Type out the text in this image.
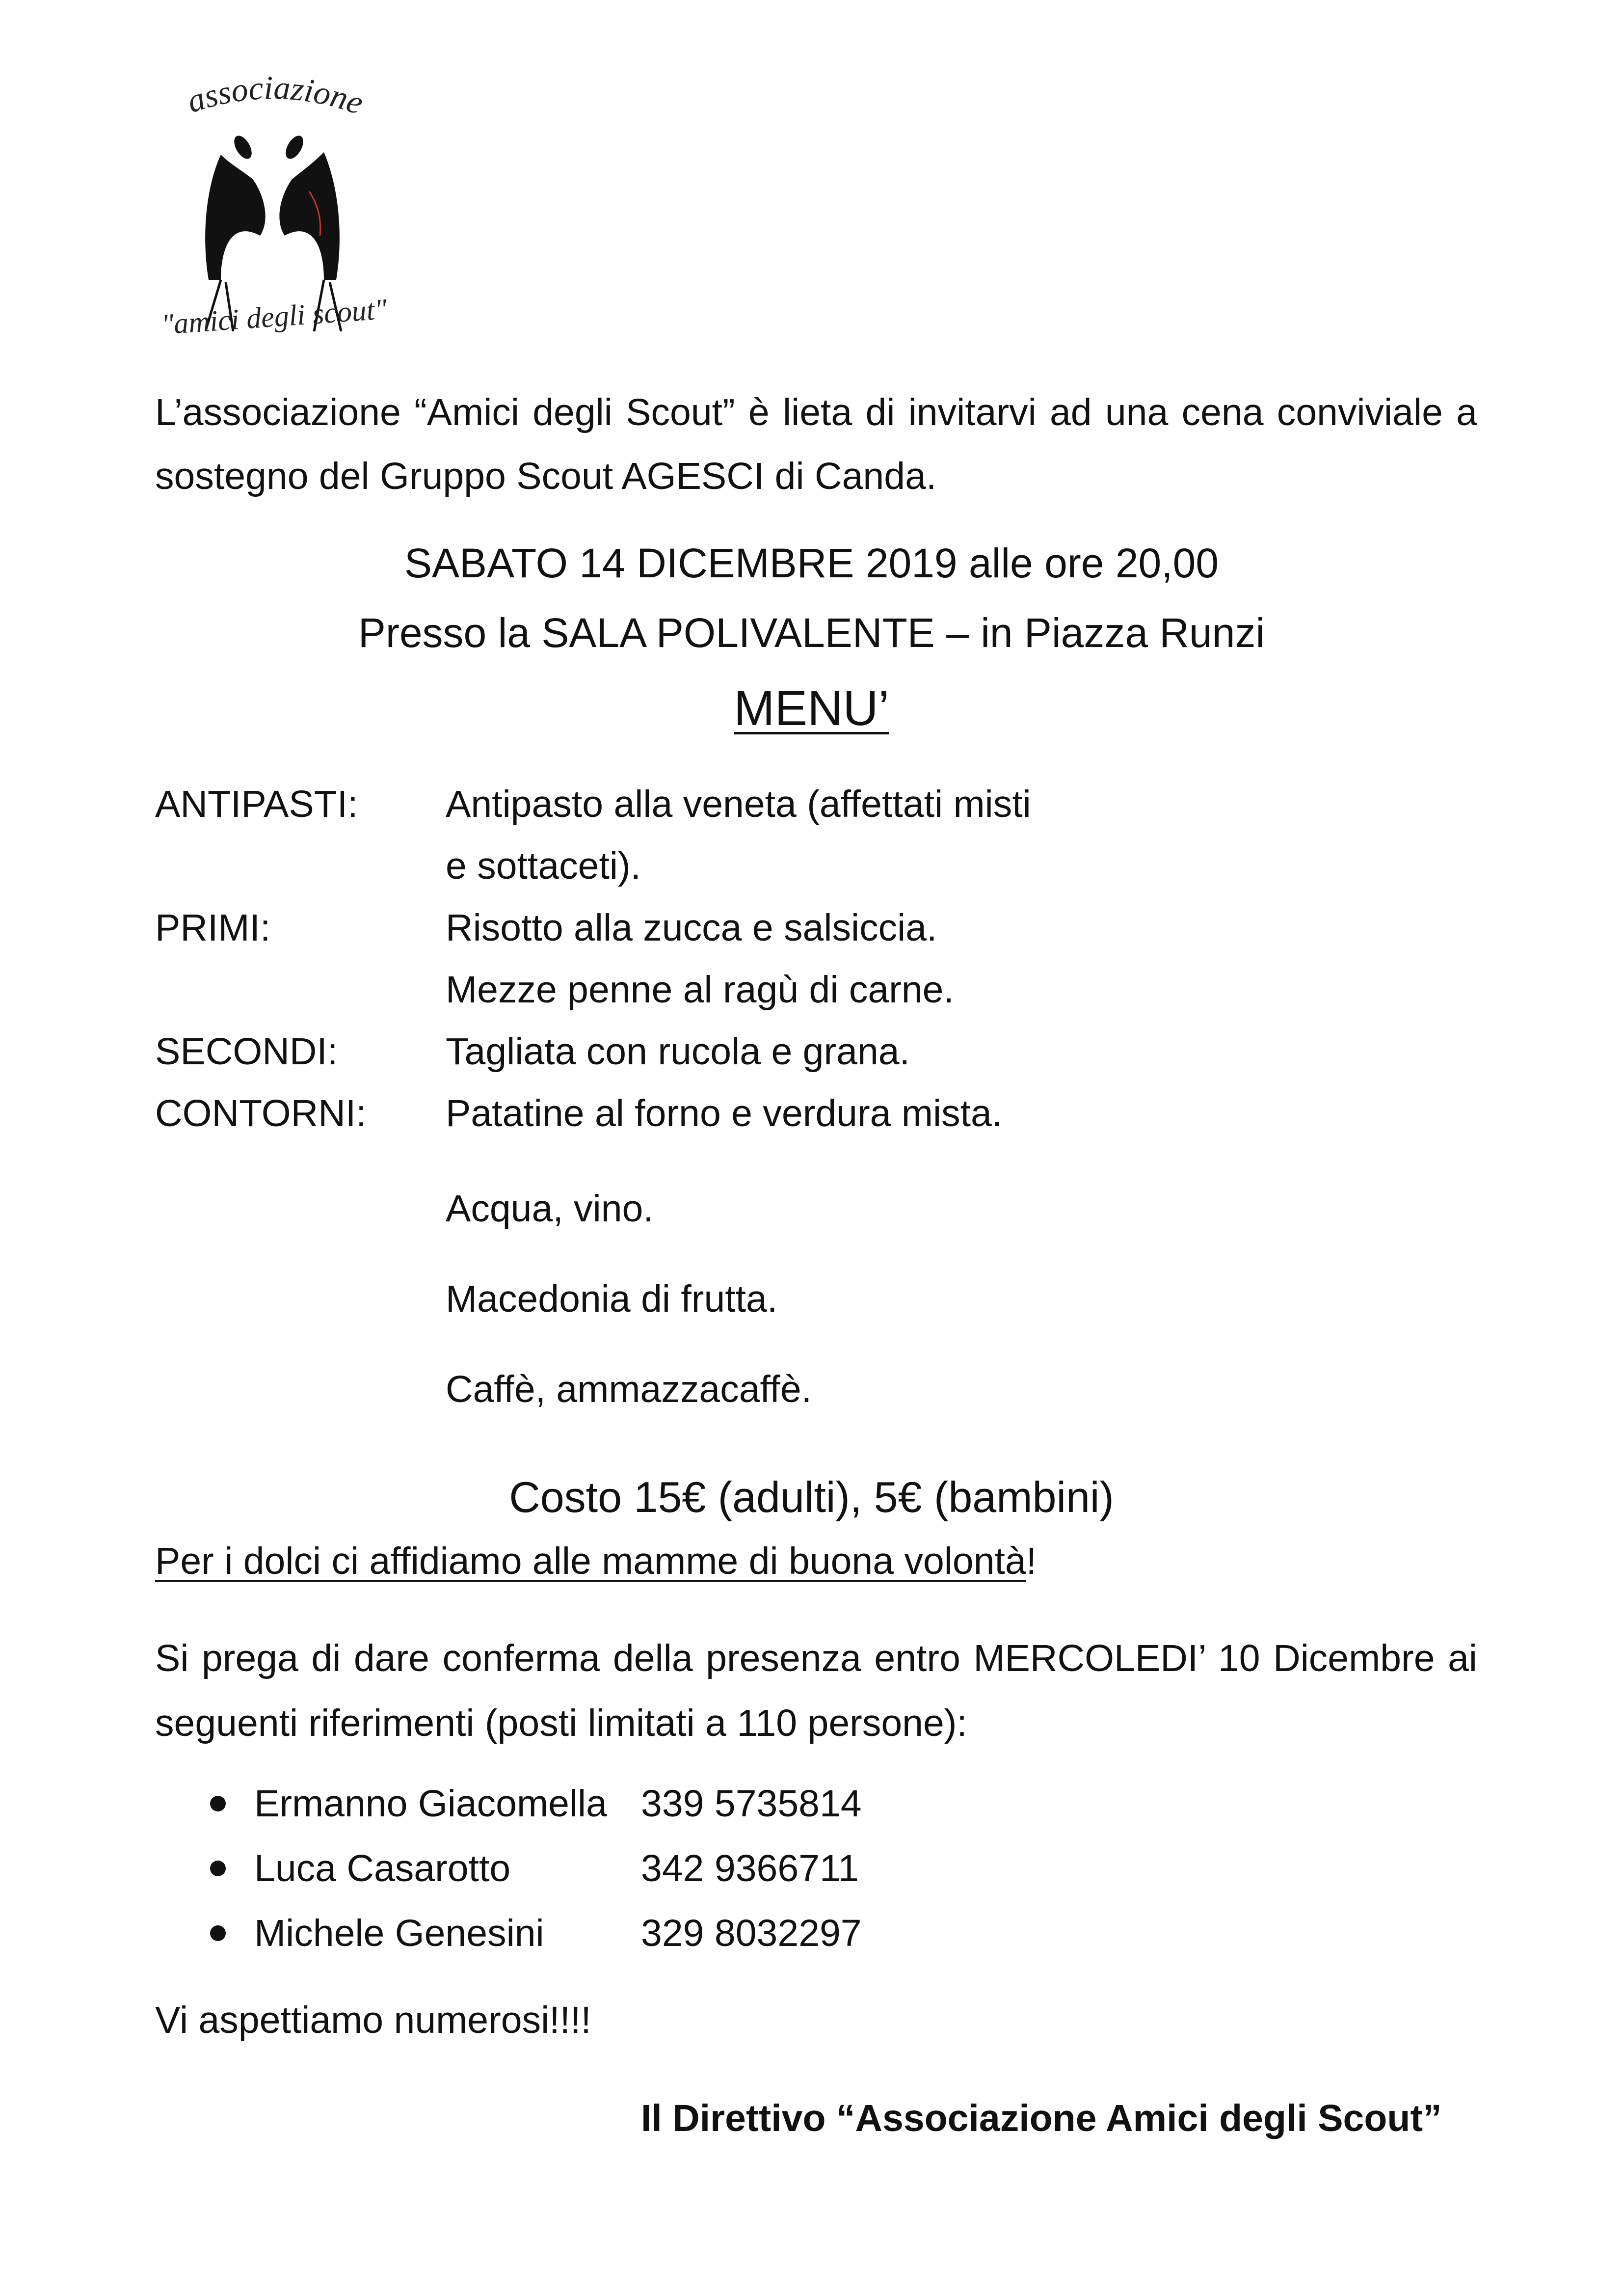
associazione
"amici degli scout"

L’associazione “Amici degli Scout” è lieta di invitarvi ad una cena conviviale a sostegno del Gruppo Scout AGESCI di Canda.

SABATO 14 DICEMBRE 2019 alle ore 20,00
Presso la SALA POLIVALENTE – in Piazza Runzi
MENU’
ANTIPASTI: Antipasto alla veneta (affettati misti
e sottaceti).
PRIMI:	Risotto alla zucca e salsiccia.
Mezze penne al ragù di carne.
SECONDI:	Tagliata con rucola e grana.
CONTORNI: Patatine al forno e verdura mista.
Acqua, vino.
Macedonia di frutta.
Caffè, ammazzacaffè.
Costo 15€ (adulti), 5€ (bambini)
Per i dolci ci affidiamo alle mamme di buona volontà!

Si prega di dare conferma della presenza entro MERCOLEDI’ 10 Dicembre ai seguenti riferimenti (posti limitati a 110 persone):

Ermanno Giacomella 339 5735814
Luca Casarotto	342 9366711
Michele Genesini	329 8032297
Vi aspettiamo numerosi!!!!
Il Direttivo “Associazione Amici degli Scout”
